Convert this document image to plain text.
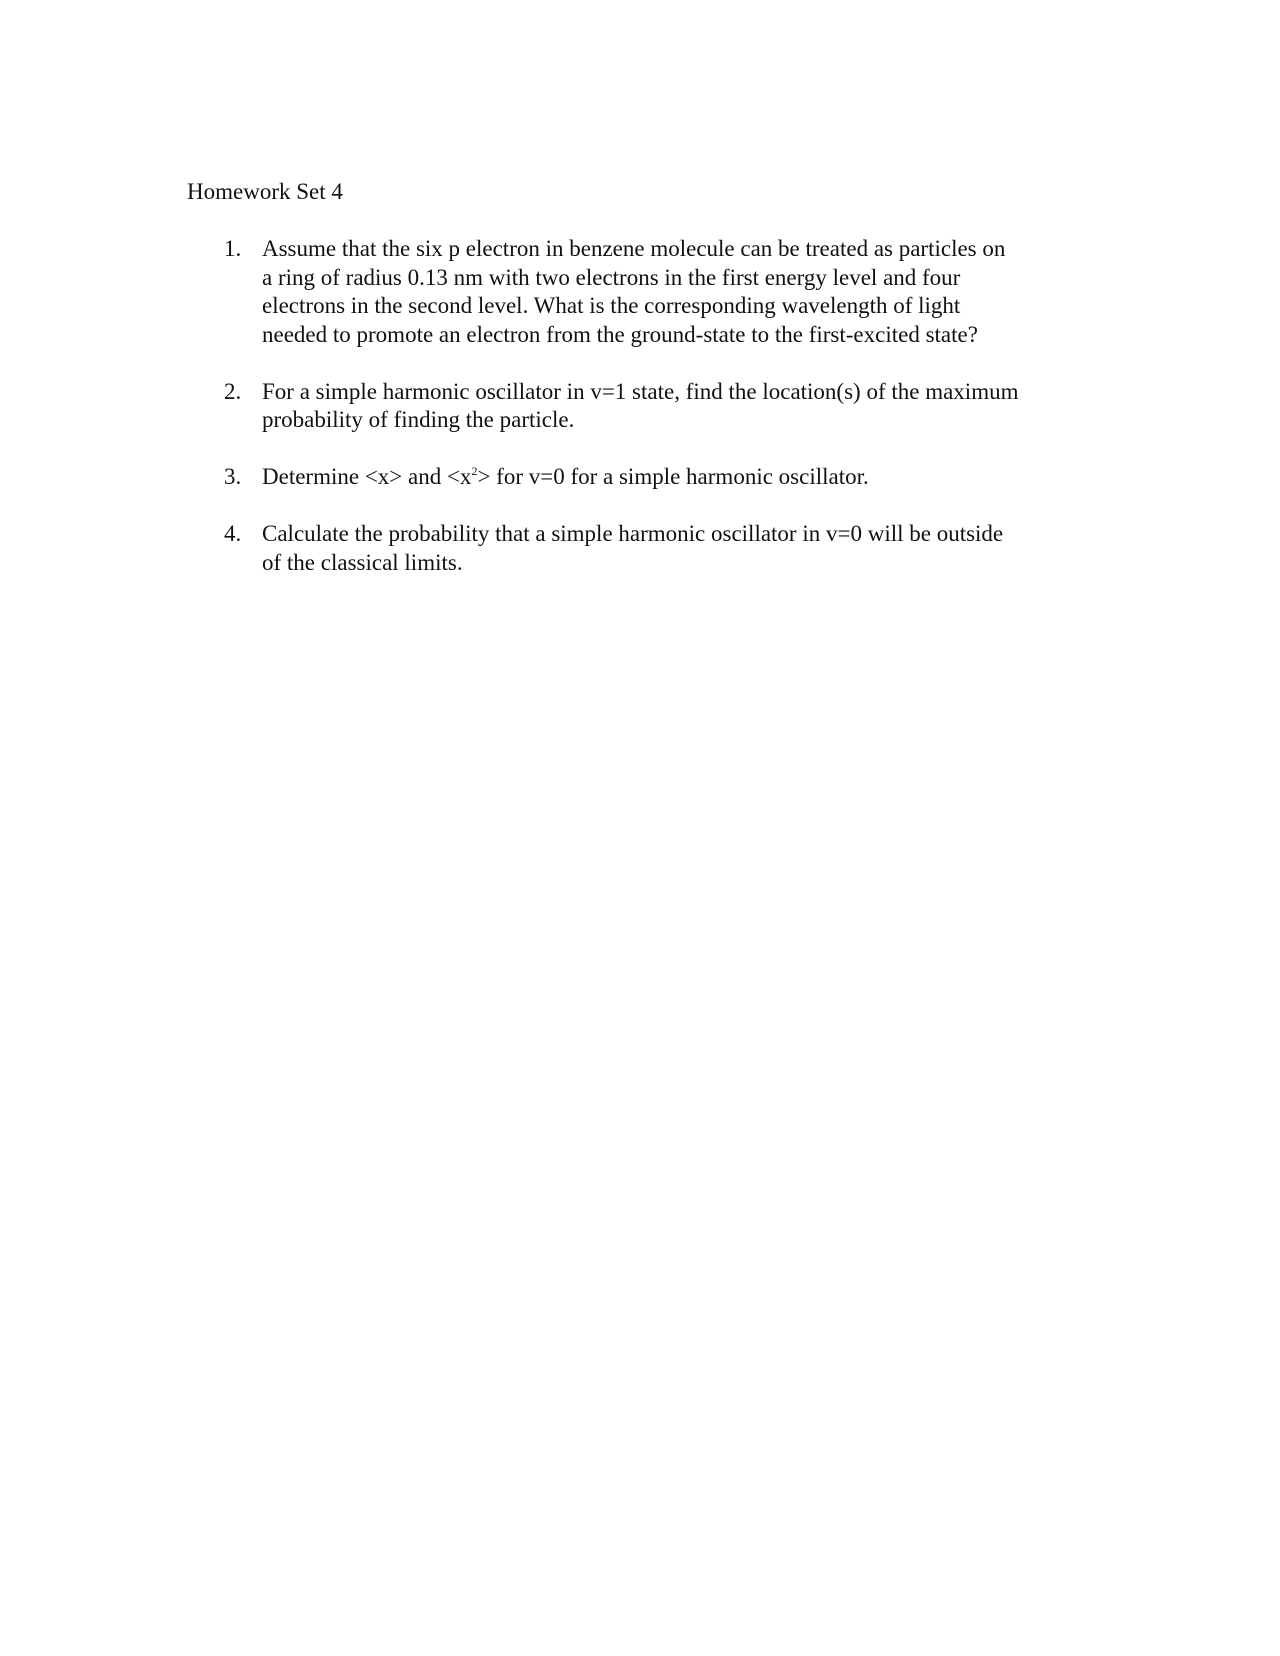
Homework Set 4
1. Assume that the six p electron in benzene molecule can be treated as particles on
a ring of radius 0.13 nm with two electrons in the first energy level and four
electrons in the second level. What is the corresponding wavelength of light
needed to promote an electron from the ground-state to the first-excited state?
2. For a simple harmonic oscillator in v=1 state, find the location(s) of the maximum
probability of finding the particle.
3. Determine <x> and $<x^2>$ for v=0 for a simple harmonic oscillator.
4. Calculate the probability that a simple harmonic oscillator in v=0 will be outside
of the classical limits.
